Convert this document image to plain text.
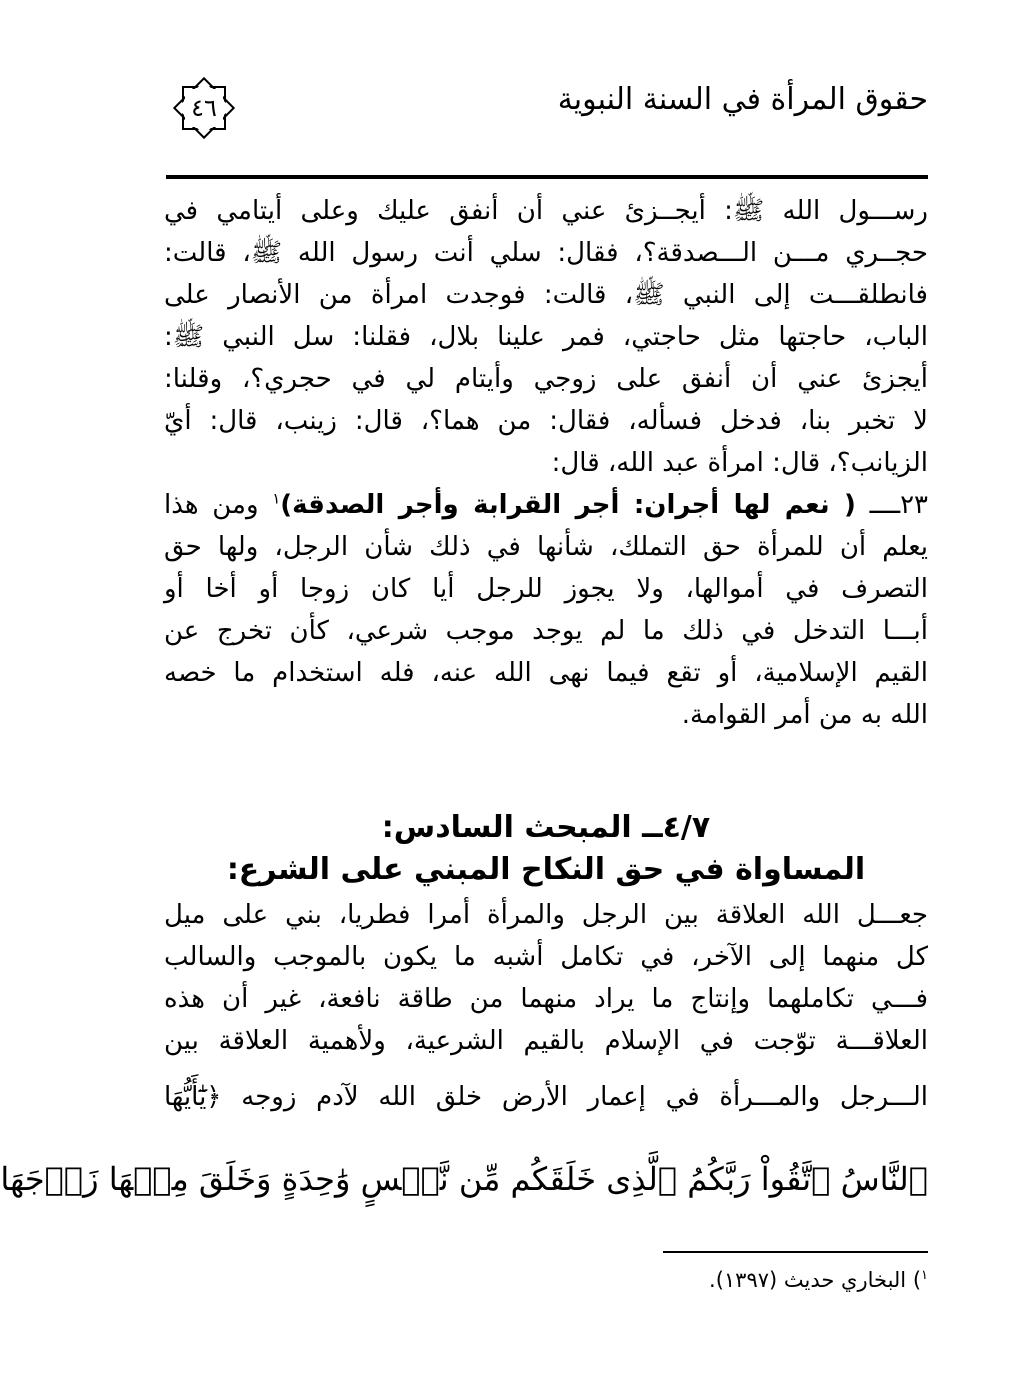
حقوق المرأة في السنة النبوية
٤٦
رســـول الله ﷺ: أيجــزئ عني أن أنفق عليك وعلى أيتامي في
حجــري مـــن الـــصدقة؟، فقال: سلي أنت رسول الله ﷺ، قالت:
فانطلقـــت إلى النبي ﷺ، قالت: فوجدت امرأة من الأنصار على
الباب، حاجتها مثل حاجتي، فمر علينا بلال، فقلنا: سل النبي ﷺ:
أيجزئ عني أن أنفق على زوجي وأيتام لي في حجري؟، وقلنا:
لا تخبر بنا، فدخل فسأله، فقال: من هما؟، قال: زينب، قال: أيّ
الزيانب؟، قال: امرأة عبد الله، قال:
٢٣ــــ ( نعم لها أجران: أجر القرابة وأجر الصدقة)$^١$ ومن هذا
يعلم أن للمرأة حق التملك، شأنها في ذلك شأن الرجل، ولها حق
التصرف في أموالها، ولا يجوز للرجل أيا كان زوجا أو أخا أو
أبـــا التدخل في ذلك ما لم يوجد موجب شرعي، كأن تخرج عن
القيم الإسلامية، أو تقع فيما نهى الله عنه، فله استخدام ما خصه
الله به من أمر القوامة.
٤/٧ــ المبحث السادس:
المساواة في حق النكاح المبني على الشرع:
جعـــل الله العلاقة بين الرجل والمرأة أمرا فطريا، بني على ميل
كل منهما إلى الآخر، في تكامل أشبه ما يكون بالموجب والسالب
فـــي تكاملهما وإنتاج ما يراد منهما من طاقة نافعة، غير أن هذه
العلاقـــة توّجت في الإسلام بالقيم الشرعية، ولأهمية العلاقة بين
الـــرجل والمـــرأة في إعمار الأرض خلق الله لآدم زوجه ﴿يَٰٓأَيُّهَا
ٱلنَّاسُ ٱتَّقُواْ رَبَّكُمُ ٱلَّذِى خَلَقَكُم مِّن نَّفۡسٍ وَٰحِدَةٍ وَخَلَقَ مِنۡهَا زَوۡجَهَا
$^١$) البخاري حديث (١٣٩٧).
